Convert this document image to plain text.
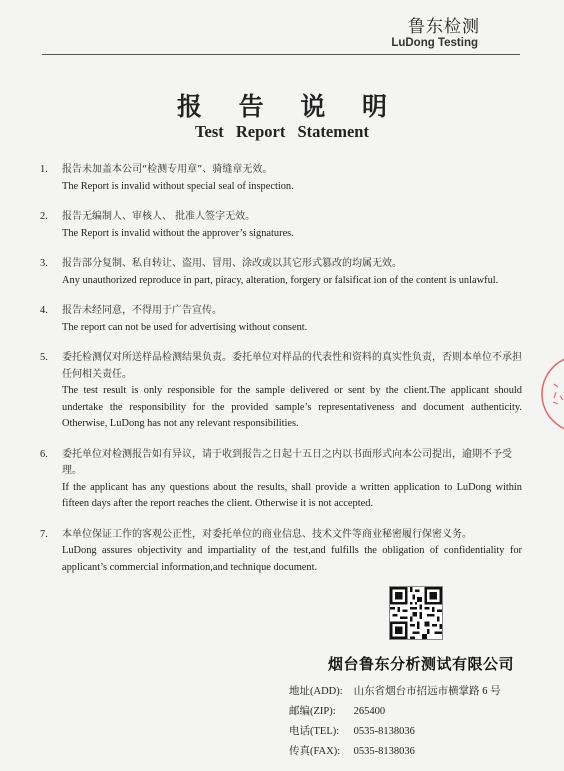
鲁东检测
LuDong Testing
报 告 说 明
Test Report Statement
1. 报告未加盖本公司“检测专用章”、骑缝章无效。
The Report is invalid without special seal of inspection.
2. 报告无编制人、审核人、 批准人签字无效。
The Report is invalid without the approver’s signatures.
3. 报告部分复制、私自转让、盗用、冒用、涂改或以其它形式篡改的均属无效。
Any unauthorized reproduce in part, piracy, alteration, forgery or falsificat ion of the content is unlawful.
4. 报告未经同意，不得用于广告宣传。
The report can not be used for advertising without consent.
5. 委托检测仅对所送样品检测结果负责。委托单位对样品的代表性和资料的真实性负责，否则本单位不承担任何相关责任。
The test result is only responsible for the sample delivered or sent by the client.The applicant should undertake the responsibility for the provided sample’s representativeness and document authenticity. Otherwise, LuDong has not any relevant responsibilities.
6. 委托单位对检测报告如有异议，请于收到报告之日起十五日之内以书面形式向本公司提出，逾期不予受理。
If the applicant has any questions about the results, shall provide a written application to LuDong within fifteen days after the report reaches the client. Otherwise it is not accepted.
7. 本单位保证工作的客观公正性，对委托单位的商业信息、技术文件等商业秘密履行保密义务。
LuDong assures objectivity and impartiality of the test,and fulfills the obligation of confidentiality for applicant’s commercial information,and technique document.
烟台鲁东分析测试有限公司
地址(ADD): 山东省烟台市招远市横掌路 6 号
邮编(ZIP): 265400
电话(TEL): 0535-8138036
传真(FAX): 0535-8138036
